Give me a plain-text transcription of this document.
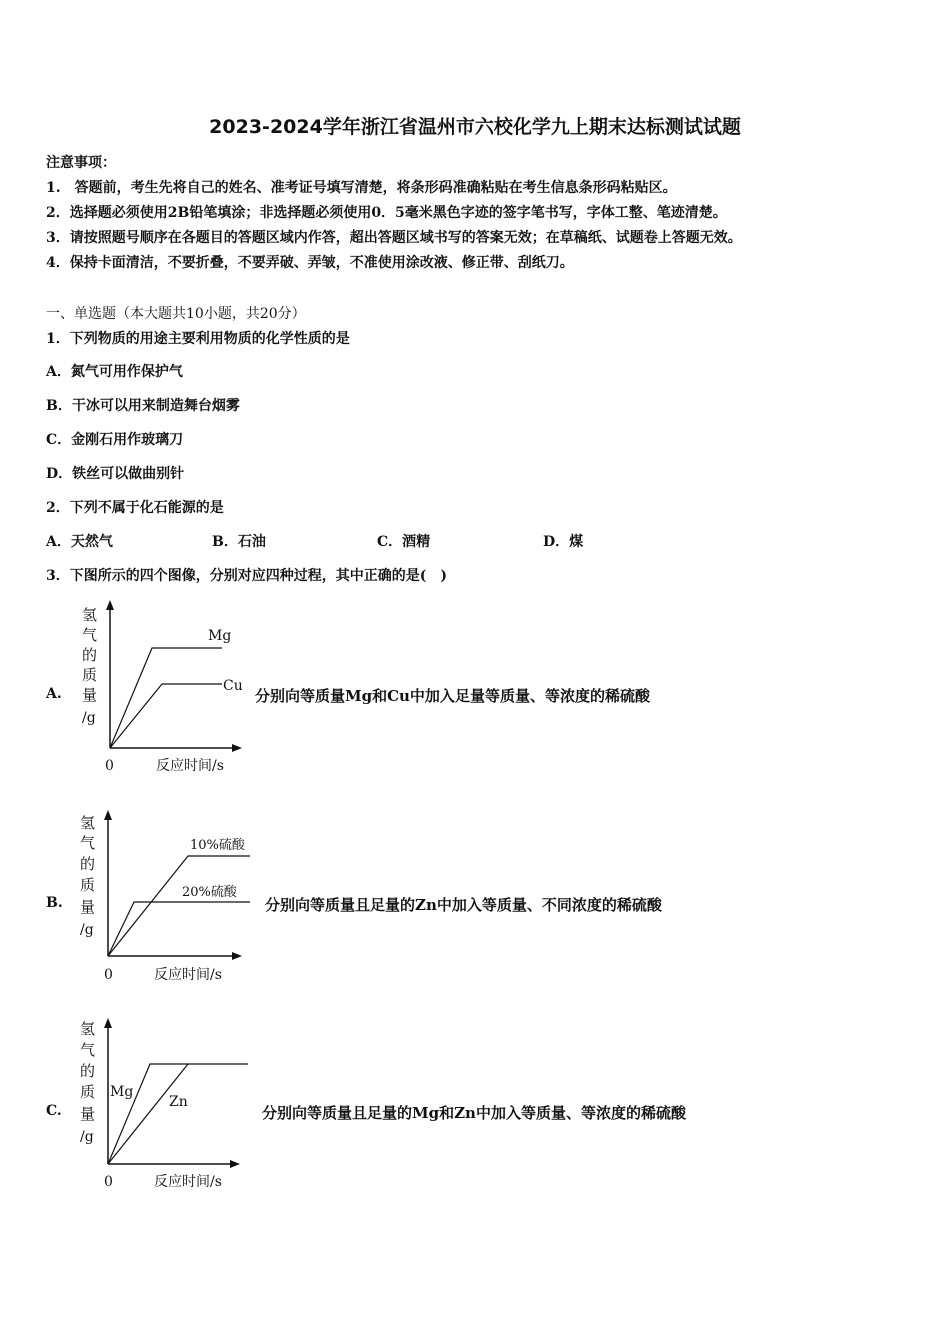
2023-2024学年浙江省温州市六校化学九上期末达标测试试题
注意事项：
1.　答题前，考生先将自己的姓名、准考证号填写清楚，将条形码准确粘贴在考生信息条形码粘贴区。
2．选择题必须使用2B铅笔填涂；非选择题必须使用0．5毫米黑色字迹的签字笔书写，字体工整、笔迹清楚。
3．请按照题号顺序在各题目的答题区域内作答，超出答题区域书写的答案无效；在草稿纸、试题卷上答题无效。
4．保持卡面清洁，不要折叠，不要弄破、弄皱，不准使用涂改液、修正带、刮纸刀。
一、单选题（本大题共10小题，共20分）
1．下列物质的用途主要利用物质的化学性质的是
A．氮气可用作保护气
B．干冰可以用来制造舞台烟雾
C．金刚石用作玻璃刀
D．铁丝可以做曲别针
2．下列不属于化石能源的是
A．天然气	B．石油	C．酒精	D．煤
3．下图所示的四个图像，分别对应四种过程，其中正确的是(　)
A.
Mg
Cu
氢
气
的
质
量
/g
0	反应时间/s
分别向等质量Mg和Cu中加入足量等质量、等浓度的稀硫酸
B.
10%硫酸
20%硫酸
氢
气
的
质
量
/g
0	反应时间/s
分别向等质量且足量的Zn中加入等质量、不同浓度的稀硫酸
C.
Mg
Zn
氢
气
的
质
量
/g
0	反应时间/s
分别向等质量且足量的Mg和Zn中加入等质量、等浓度的稀硫酸
